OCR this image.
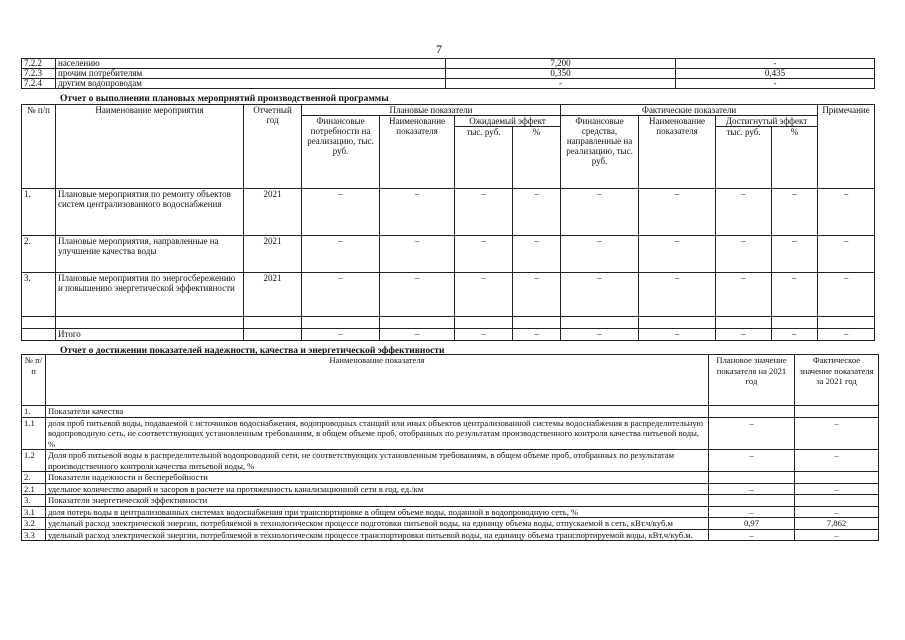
7
7.2.2	населению	7,200	-
7.2.3	прочим потребителям	0,350	0,435
7.2.4	другим водопроводам	-	-
Отчет о выполнении плановых мероприятий производственной программы
№ п/п	Наименование мероприятия	Отчетный год	Плановые показатели				Фактические показатели				Примечание
			Финансовые потребности на реализацию, тыс. руб.	Наименование показателя	Ожидаемый эффект		Финансовые средства, направленные на реализацию, тыс. руб.	Наименование показателя	Достигнутый эффект		
					тыс. руб.	%			тыс. руб.	%	
1.	Плановые мероприятия по ремонту объектов систем централизованного водоснабжения	2021	–	–	–	–	–	–	–	–	–
2.	Плановые мероприятия, направленные на улучшение качества воды	2021	–	–	–	–	–	–	–	–	–
3.	Плановые мероприятия по энергосбережению и повышению энергетической эффективности	2021	–	–	–	–	–	–	–	–	–

	Итого		–	–	–	–	–	–	–	–	–
Отчет о достижении показателей надежности, качества и энергетической эффективности
№ п/п	Наименование показателя	Плановое значение показателя на 2021 год	Фактическое значение показателя за 2021 год
1.	Показатели качества		
1.1	доля проб питьевой воды, подаваемой с источников водоснабжения, водопроводных станций или иных объектов централизованной системы водоснабжения в распределительную водопроводную сеть, не соответствующих установленным требованиям, в общем объеме проб, отобранных по результатам производственного контроля качества питьевой воды, %	–	–
1.2	Доля проб питьевой воды в распределительной водопроводной сети, не соответствующих установленным требованиям, в общем объеме проб, отобранных по результатам производственного контроля качества питьевой воды, %	–	–
2.	Показатели надежности и бесперебойности		
2.1	удельное количество аварий и засоров в расчете на протяженность канализационной сети в год, ед./км	–	–
3.	Показатели энергетической эффективности		
3.1	доля потерь воды в централизованных системах водоснабжения при транспортировке в общем объеме воды, поданной в водопроводную сеть, %	–	–
3.2	удельный расход электрической энергии, потребляемой в технологическом процессе подготовки питьевой воды, на единицу объема воды, отпускаемой в сеть, кВт.ч/куб.м	0,97	7,862
3.3	удельный расход электрической энергии, потребляемой в технологическом процессе транспортировки питьевой воды, на единицу объема транспортируемой воды, кВт.ч/куб.м.	–	–
